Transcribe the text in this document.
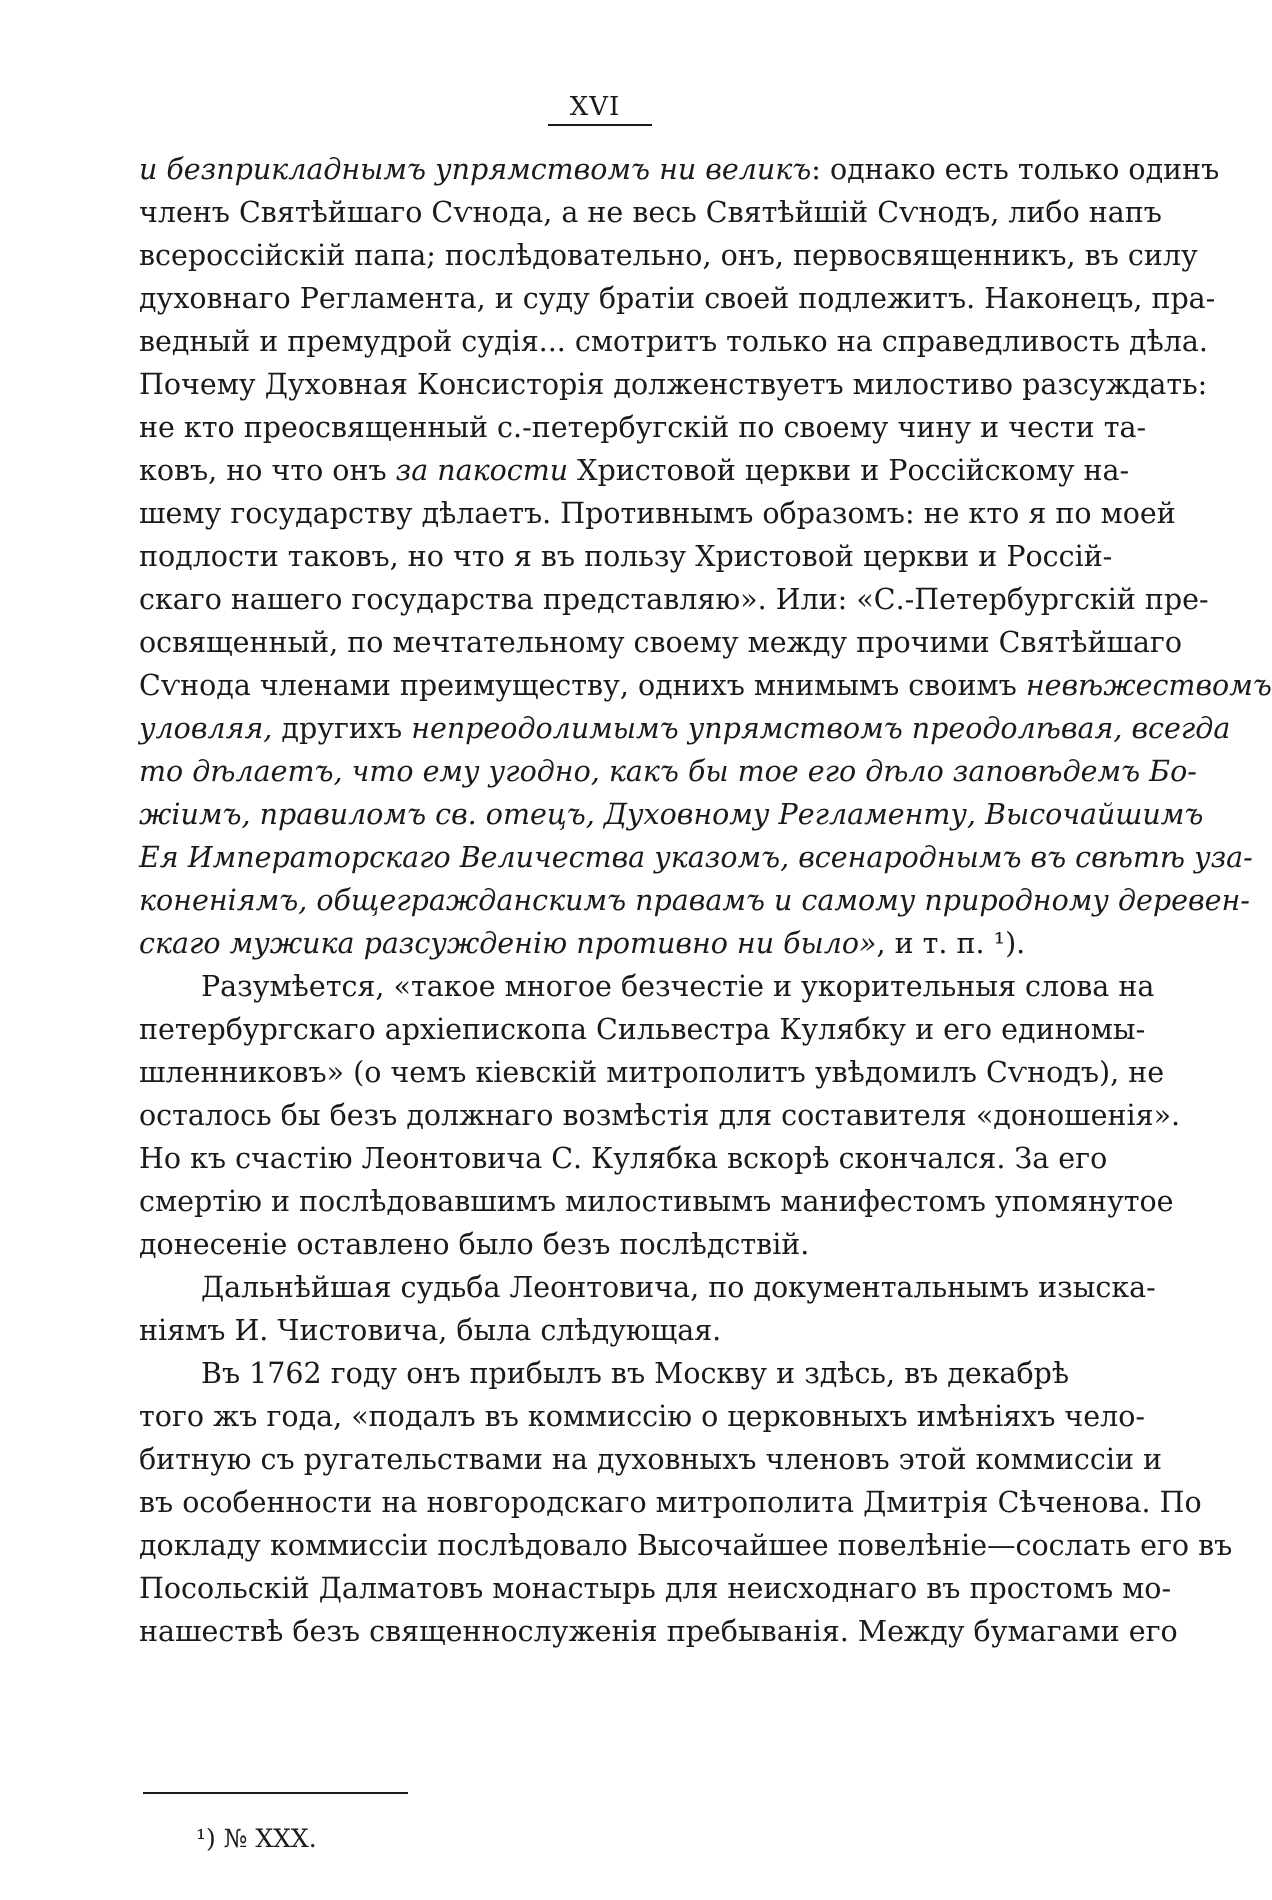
XVI
и безприкладнымъ упрямствомъ ни великъ: однако есть только одинъ
членъ Святѣйшаго Сѵнода, а не весь Святѣйшій Сѵнодъ, либо напъ
всероссійскій папа; послѣдовательно, онъ, первосвященникъ, въ силу
духовнаго Регламента, и суду братіи своей подлежитъ. Наконецъ, пра-
ведный и премудрой судія... смотритъ только на справедливость дѣла.
Почему Духовная Консисторія долженствуетъ милостиво разсуждать:
не кто преосвященный с.-петербугскій по своему чину и чести та-
ковъ, но что онъ за пакости Христовой церкви и Россійскому на-
шему государству дѣлаетъ. Противнымъ образомъ: не кто я по моей
подлости таковъ, но что я въ пользу Христовой церкви и Россій-
скаго нашего государства представляю». Или: «С.-Петербургскій пре-
освященный, по мечтательному своему между прочими Святѣйшаго
Сѵнода членами преимуществу, однихъ мнимымъ своимъ невѣжествомъ
уловляя, другихъ непреодолимымъ упрямствомъ преодолѣвая, всегда
то дѣлаетъ, что ему угодно, какъ бы тое его дѣло заповѣдемъ Бо-
жіимъ, правиломъ св. отецъ, Духовному Регламенту, Высочайшимъ
Ея Императорскаго Величества указомъ, всенароднымъ въ свѣтѣ уза-
коненіямъ, общегражданскимъ правамъ и самому природному деревен-
скаго мужика разсужденію противно ни было», и т. п. ¹).
Разумѣется, «такое многое безчестіе и укорительныя слова на
петербургскаго архіепископа Сильвестра Кулябку и его единомы-
шленниковъ» (о чемъ кіевскій митрополитъ увѣдомилъ Сѵнодъ), не
осталось бы безъ должнаго возмѣстія для составителя «доношенія».
Но къ счастію Леонтовича С. Кулябка вскорѣ скончался. За его
смертію и послѣдовавшимъ милостивымъ манифестомъ упомянутое
донесеніе оставлено было безъ послѣдствій.
Дальнѣйшая судьба Леонтовича, по документальнымъ изыска-
ніямъ И. Чистовича, была слѣдующая.
Въ 1762 году онъ прибылъ въ Москву и здѣсь, въ декабрѣ
того жъ года, «подалъ въ коммиссію о церковныхъ имѣніяхъ чело-
битную съ ругательствами на духовныхъ членовъ этой коммиссіи и
въ особенности на новгородскаго митрополита Дмитрія Сѣченова. По
докладу коммиссіи послѣдовало Высочайшее повелѣніе—сослать его въ
Посольскій Далматовъ монастырь для неисходнаго въ простомъ мо-
нашествѣ безъ священнослуженія пребыванія. Между бумагами его
¹) № XXX.
